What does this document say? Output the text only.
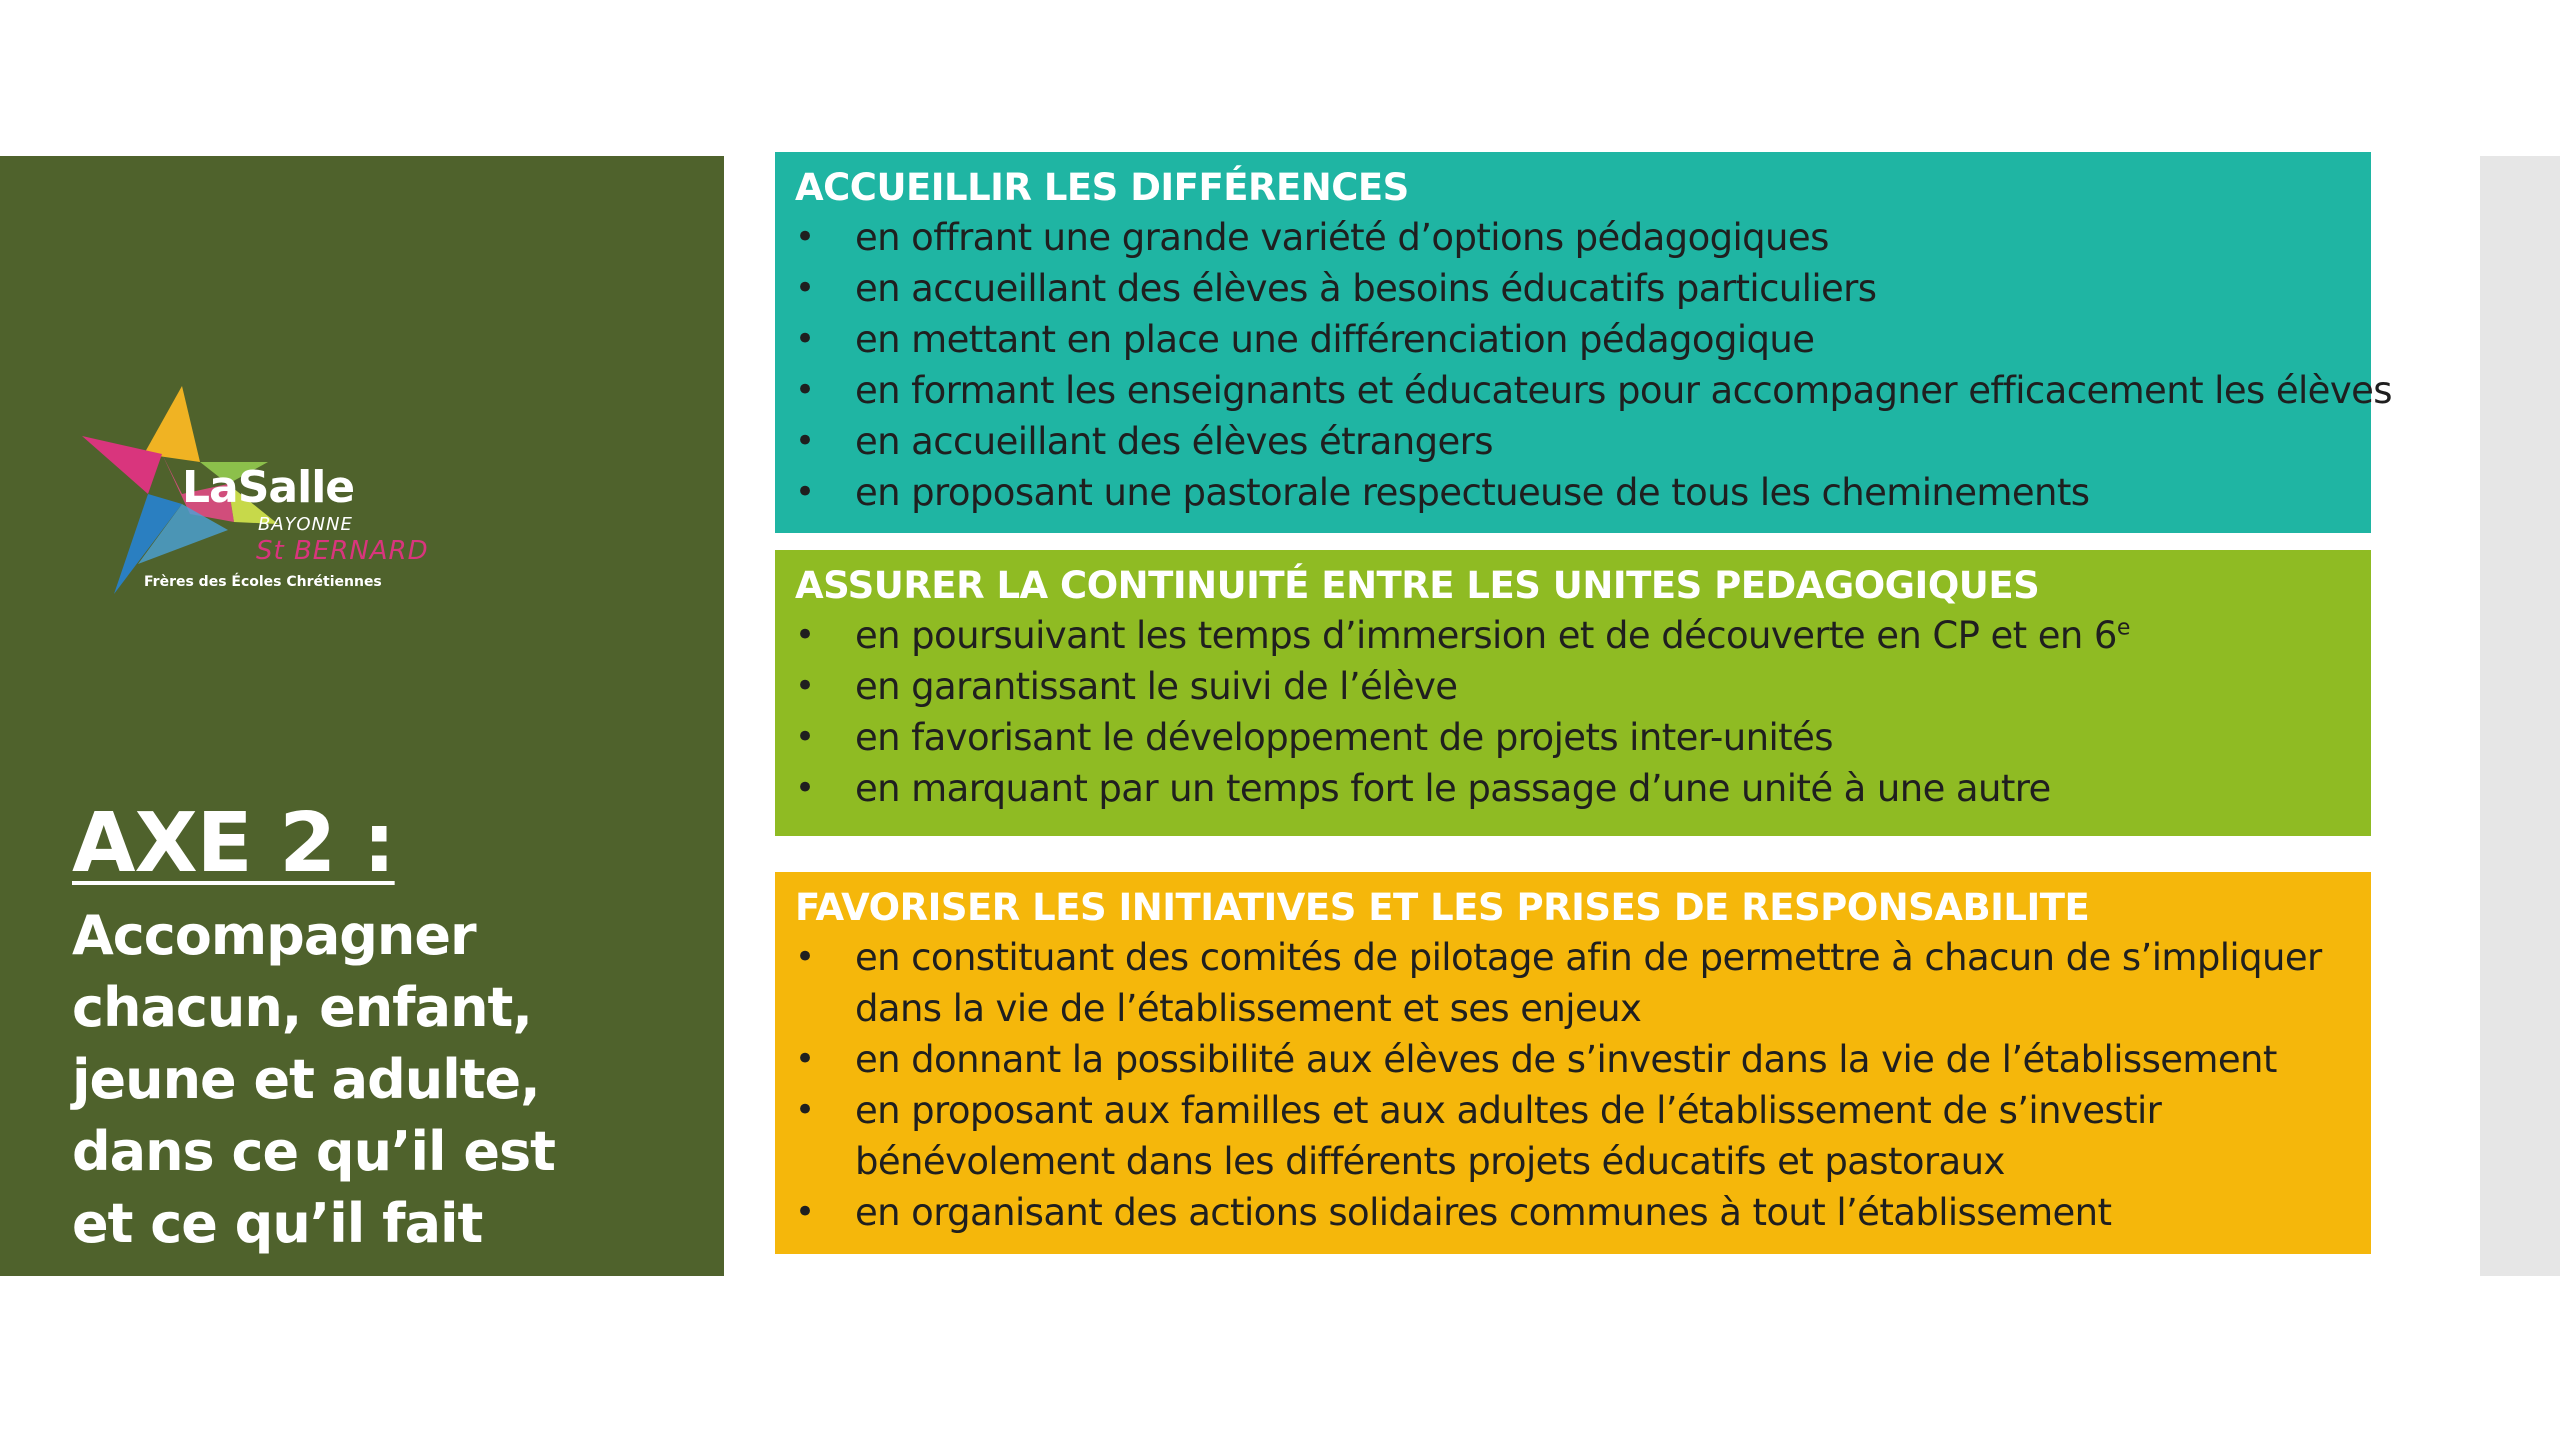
LaSalle
BAYONNE
St BERNARD
Frères des Écoles Chrétiennes
AXE 2 :
Accompagner
chacun, enfant,
jeune et adulte,
dans ce qu’il est
et ce qu’il fait
ACCUEILLIR LES DIFFÉRENCES
• en offrant une grande variété d’options pédagogiques
• en accueillant des élèves à besoins éducatifs particuliers
• en mettant en place une différenciation pédagogique
• en formant les enseignants et éducateurs pour accompagner efficacement les élèves
• en accueillant des élèves étrangers
• en proposant une pastorale respectueuse de tous les cheminements
ASSURER LA CONTINUITÉ ENTRE LES UNITES PEDAGOGIQUES
• en poursuivant les temps d’immersion et de découverte en CP et en 6e
• en garantissant le suivi de l’élève
• en favorisant le développement de projets inter-unités
• en marquant par un temps fort le passage d’une unité à une autre
FAVORISER LES INITIATIVES ET LES PRISES DE RESPONSABILITE
• en constituant des comités de pilotage afin de permettre à chacun de s’impliquer
dans la vie de l’établissement et ses enjeux
• en donnant la possibilité aux élèves de s’investir dans la vie de l’établissement
• en proposant aux familles et aux adultes de l’établissement de s’investir
bénévolement dans les différents projets éducatifs et pastoraux
• en organisant des actions solidaires communes à tout l’établissement
